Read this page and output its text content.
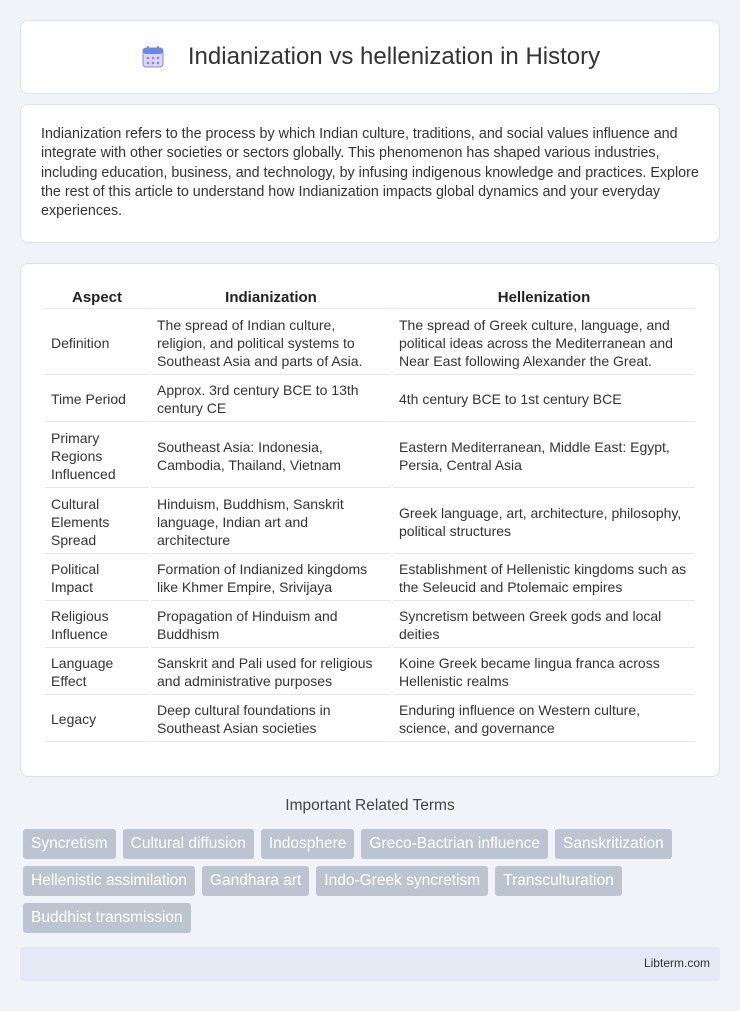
Indianization vs hellenization in History

Indianization refers to the process by which Indian culture, traditions, and social values influence and integrate with other societies or sectors globally. This phenomenon has shaped various industries, including education, business, and technology, by infusing indigenous knowledge and practices. Explore the rest of this article to understand how Indianization impacts global dynamics and your everyday experiences.

Aspect	Indianization	Hellenization
Definition	The spread of Indian culture, religion, and political systems to Southeast Asia and parts of Asia.	The spread of Greek culture, language, and political ideas across the Mediterranean and Near East following Alexander the Great.
Time Period	Approx. 3rd century BCE to 13th century CE	4th century BCE to 1st century BCE
Primary Regions Influenced	Southeast Asia: Indonesia, Cambodia, Thailand, Vietnam	Eastern Mediterranean, Middle East: Egypt, Persia, Central Asia
Cultural Elements Spread	Hinduism, Buddhism, Sanskrit language, Indian art and architecture	Greek language, art, architecture, philosophy, political structures
Political Impact	Formation of Indianized kingdoms like Khmer Empire, Srivijaya	Establishment of Hellenistic kingdoms such as the Seleucid and Ptolemaic empires
Religious Influence	Propagation of Hinduism and Buddhism	Syncretism between Greek gods and local deities
Language Effect	Sanskrit and Pali used for religious and administrative purposes	Koine Greek became lingua franca across Hellenistic realms
Legacy	Deep cultural foundations in Southeast Asian societies	Enduring influence on Western culture, science, and governance
Important Related Terms
Syncretism	Cultural diffusion	Indosphere	Greco-Bactrian influence	Sanskritization
Hellenistic assimilation	Gandhara art	Indo-Greek syncretism	Transculturation
Buddhist transmission
Libterm.com
